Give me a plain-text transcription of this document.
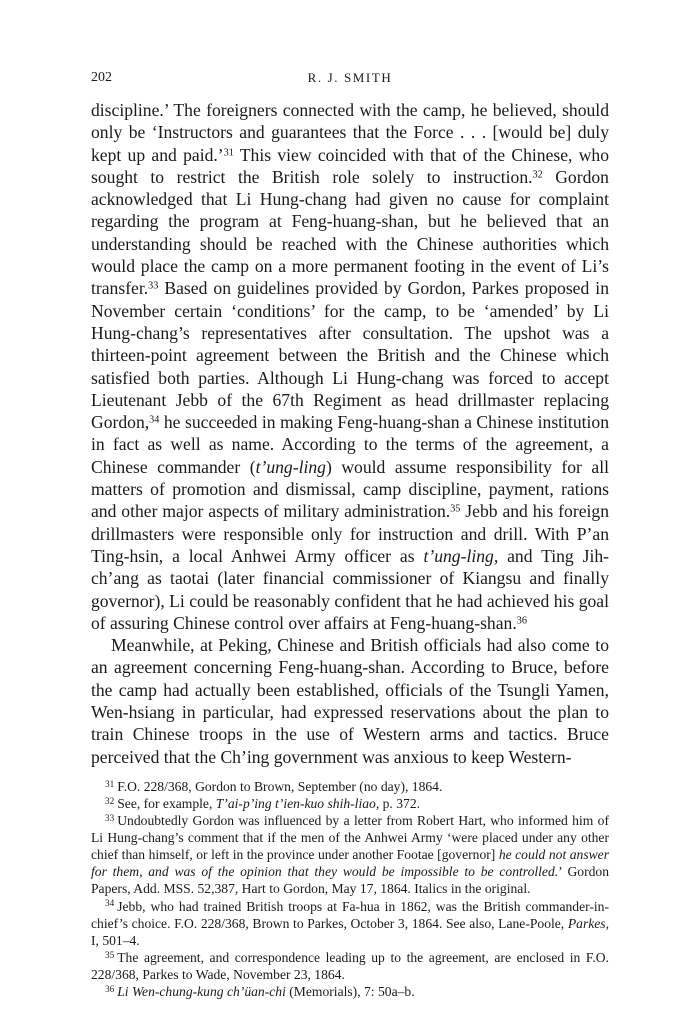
202	R. J. SMITH

discipline.’ The foreigners connected with the camp, he believed, should only be ‘Instructors and guarantees that the Force . . . [would be] duly kept up and paid.’$^{31}$ This view coincided with that of the Chinese, who sought to restrict the British role solely to instruction.$^{32}$ Gordon acknowledged that Li Hung-chang had given no cause for complaint regarding the program at Feng-huang-shan, but he believed that an understanding should be reached with the Chinese authorities which would place the camp on a more permanent footing in the event of Li’s transfer.$^{33}$ Based on guidelines provided by Gordon, Parkes proposed in November certain ‘conditions’ for the camp, to be ‘amended’ by Li Hung-chang’s representatives after consultation. The upshot was a thirteen-point agreement between the British and the Chinese which satisfied both parties. Although Li Hung-chang was forced to accept Lieutenant Jebb of the 67th Regiment as head drillmaster replacing Gordon,$^{34}$ he succeeded in making Feng-huang-shan a Chinese institution in fact as well as name. According to the terms of the agreement, a Chinese commander (t’ung-ling) would assume responsibility for all matters of promotion and dismissal, camp discipline, payment, rations and other major aspects of military administration.$^{35}$ Jebb and his foreign drillmasters were responsible only for instruction and drill. With P’an Ting-hsin, a local Anhwei Army officer as t’ung-ling, and Ting Jih-ch’ang as taotai (later financial commissioner of Kiangsu and finally governor), Li could be reasonably confident that he had achieved his goal of assuring Chinese control over affairs at Feng-huang-shan.$^{36}$

Meanwhile, at Peking, Chinese and British officials had also come to an agreement concerning Feng-huang-shan. According to Bruce, before the camp had actually been established, officials of the Tsungli Yamen, Wen-hsiang in particular, had expressed reservations about the plan to train Chinese troops in the use of Western arms and tactics. Bruce perceived that the Ch’ing government was anxious to keep Western-

$^{31}$ F.O. 228/368, Gordon to Brown, September (no day), 1864.

$^{32}$ See, for example, T’ai-p’ing t’ien-kuo shih-liao, p. 372.

$^{33}$ Undoubtedly Gordon was influenced by a letter from Robert Hart, who informed him of Li Hung-chang’s comment that if the men of the Anhwei Army ‘were placed under any other chief than himself, or left in the province under another Footae [governor] he could not answer for them, and was of the opinion that they would be impossible to be controlled.’ Gordon Papers, Add. MSS. 52,387, Hart to Gordon, May 17, 1864. Italics in the original.

$^{34}$ Jebb, who had trained British troops at Fa-hua in 1862, was the British commander-in-chief’s choice. F.O. 228/368, Brown to Parkes, October 3, 1864. See also, Lane-Poole, Parkes, I, 501–4.

$^{35}$ The agreement, and correspondence leading up to the agreement, are enclosed in F.O. 228/368, Parkes to Wade, November 23, 1864.

$^{36}$ Li Wen-chung-kung ch’üan-chi (Memorials), 7: 50a–b.
